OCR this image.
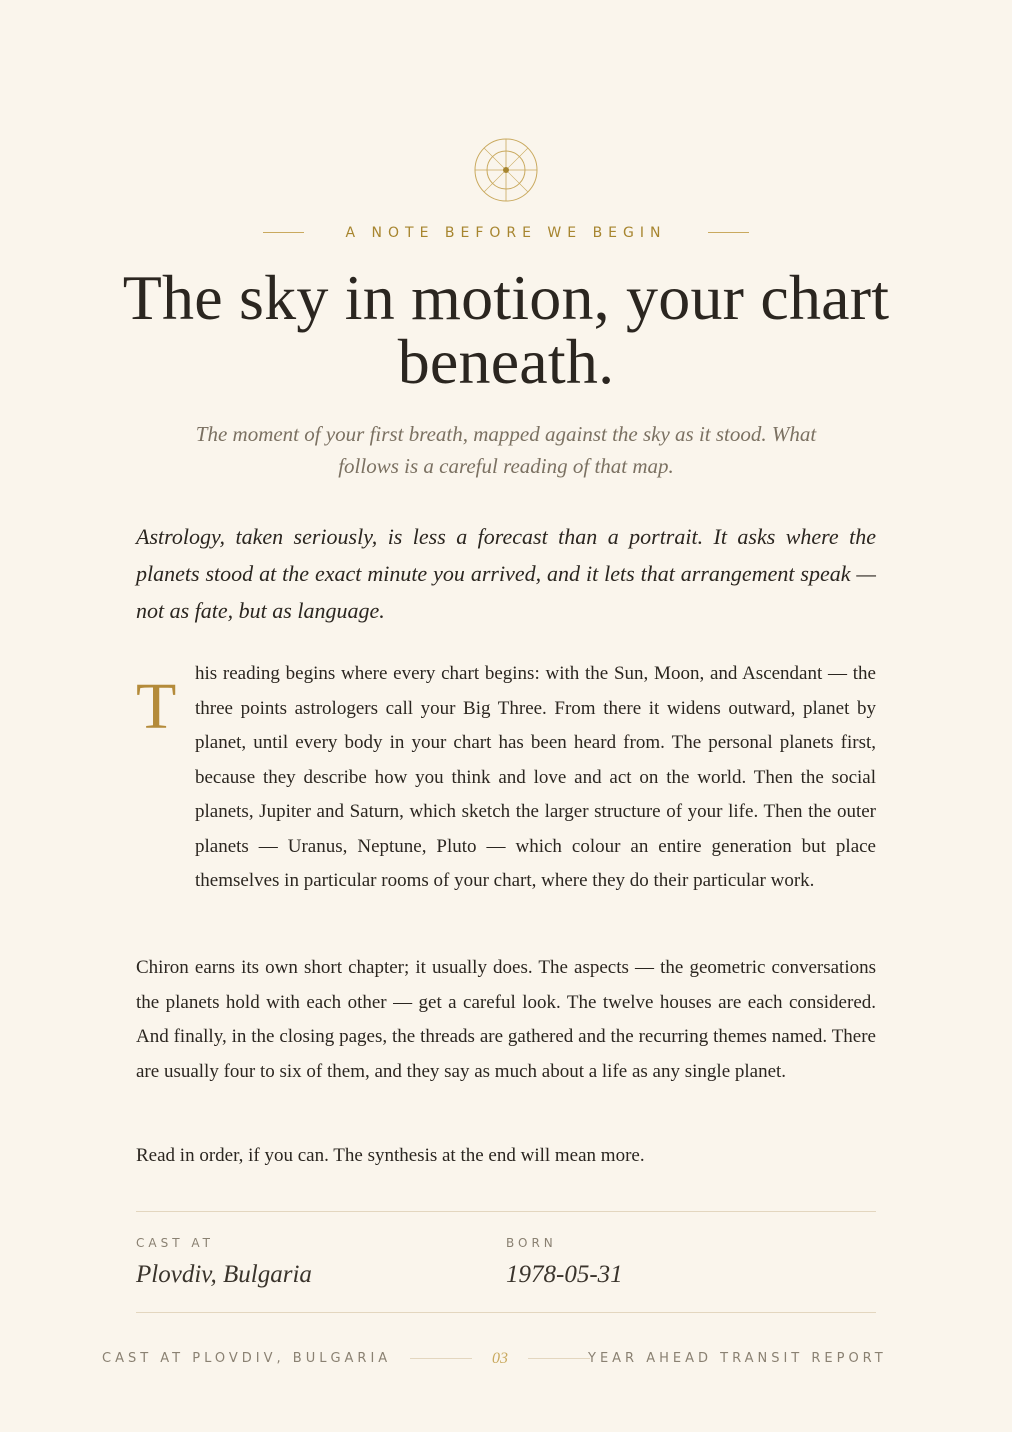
A NOTE BEFORE WE BEGIN
The sky in motion, your chart beneath.

The moment of your first breath, mapped against the sky as it stood. What follows is a careful reading of that map.

Astrology, taken seriously, is less a forecast than a portrait. It asks where the planets stood at the exact minute you arrived, and it lets that arrangement speak — not as fate, but as language.

T his reading begins where every chart begins: with the Sun, Moon, and Ascendant — the three points astrologers call your Big Three. From there it widens outward, planet by planet, until every body in your chart has been heard from. The personal planets first, because they describe how you think and love and act on the world. Then the social planets, Jupiter and Saturn, which sketch the larger structure of your life. Then the outer planets — Uranus, Neptune, Pluto — which colour an entire generation but place themselves in particular rooms of your chart, where they do their particular work.

Chiron earns its own short chapter; it usually does. The aspects — the geometric conversations the planets hold with each other — get a careful look. The twelve houses are each considered. And finally, in the closing pages, the threads are gathered and the recurring themes named. There are usually four to six of them, and they say as much about a life as any single planet.

Read in order, if you can. The synthesis at the end will mean more.

CAST AT
Plovdiv, Bulgaria
BORN
1978-05-31
CAST AT PLOVDIV, BULGARIA	03	YEAR AHEAD TRANSIT REPORT
